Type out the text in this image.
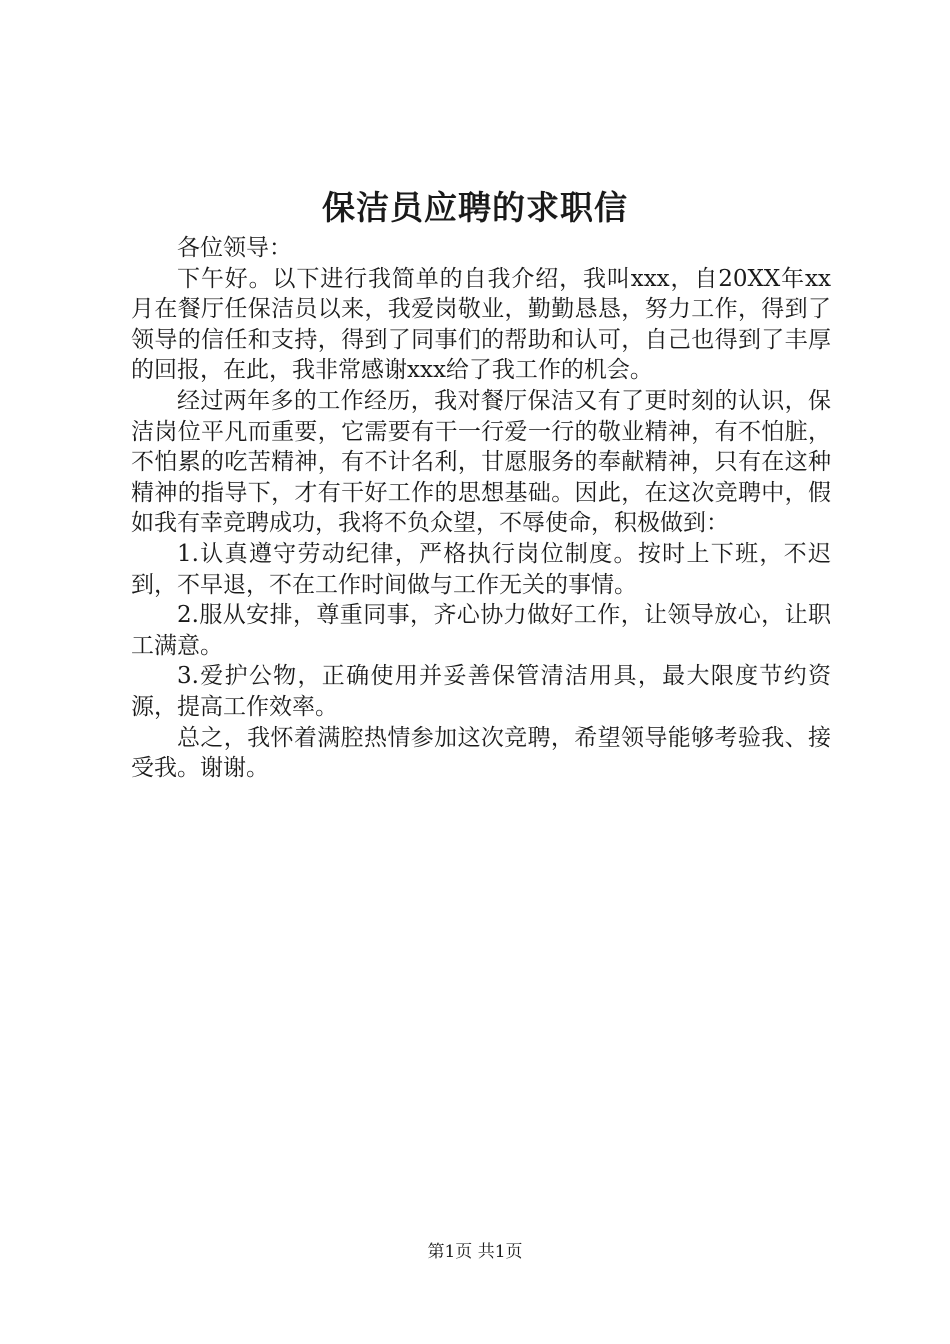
保洁员应聘的求职信

各位领导：

下午好。以下进行我简单的自我介绍，我叫xxx，自20XX年xx月在餐厅任保洁员以来，我爱岗敬业，勤勤恳恳，努力工作，得到了领导的信任和支持，得到了同事们的帮助和认可，自己也得到了丰厚的回报，在此，我非常感谢xxx给了我工作的机会。

经过两年多的工作经历，我对餐厅保洁又有了更时刻的认识，保洁岗位平凡而重要，它需要有干一行爱一行的敬业精神，有不怕脏，不怕累的吃苦精神，有不计名利，甘愿服务的奉献精神，只有在这种精神的指导下，才有干好工作的思想基础。因此，在这次竞聘中，假如我有幸竞聘成功，我将不负众望，不辱使命，积极做到：

1.认真遵守劳动纪律，严格执行岗位制度。按时上下班，不迟到，不早退，不在工作时间做与工作无关的事情。

2.服从安排，尊重同事，齐心协力做好工作，让领导放心，让职工满意。

3.爱护公物，正确使用并妥善保管清洁用具，最大限度节约资源，提高工作效率。

总之，我怀着满腔热情参加这次竞聘，希望领导能够考验我、接受我。谢谢。

第1页 共1页
